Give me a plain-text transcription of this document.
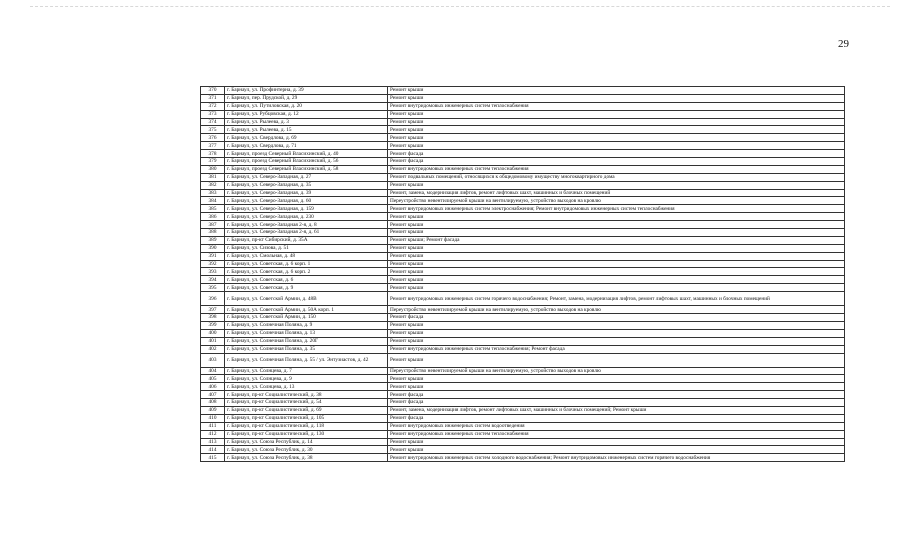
29
370	г. Барнаул, ул. Профинтерна, д. 39	Ремонт крыши
371	г. Барнаул, пер. Прудской, д. 29	Ремонт крыши
372	г. Барнаул, ул. Путиловская, д. 20	Ремонт внутридомовых инженерных систем теплоснабжения
373	г. Барнаул, ул. Рубцовская, д. 12	Ремонт крыши
374	г. Барнаул, ул. Рылеева, д. 3	Ремонт крыши
375	г. Барнаул, ул. Рылеева, д. 15	Ремонт крыши
376	г. Барнаул, ул. Свердлова, д. 69	Ремонт крыши
377	г. Барнаул, ул. Свердлова, д. 71	Ремонт крыши
378	г. Барнаул, проезд Северный Власихинский, д. 40	Ремонт фасада
379	г. Барнаул, проезд Северный Власихинский, д. 56	Ремонт фасада
380	г. Барнаул, проезд Северный Власихинский, д. 58	Ремонт внутридомовых инженерных систем теплоснабжения
381	г. Барнаул, ул. Северо-Западная, д. 27	Ремонт подвальных помещений, относящихся к общедомовому имуществу многоквартирного дома
382	г. Барнаул, ул. Северо-Западная, д. 35	Ремонт крыши
383	г. Барнаул, ул. Северо-Западная, д. 39	Ремонт, замена, модернизация лифтов, ремонт лифтовых шахт, машинных и блочных помещений
384	г. Барнаул, ул. Северо-Западная, д. 60	Переустройство невентилируемой крыши на вентилируемую, устройство выходов на кровлю
385	г. Барнаул, ул. Северо-Западная, д. 159	Ремонт внутридомовых инженерных систем электроснабжения; Ремонт внутридомовых инженерных систем теплоснабжения
386	г. Барнаул, ул. Северо-Западная, д. 230	Ремонт крыши
387	г. Барнаул, ул. Северо-Западная 2-я, д. 8	Ремонт крыши
388	г. Барнаул, ул. Северо-Западная 2-я, д. 61	Ремонт крыши
389	г. Барнаул, пр-кт Сибирский, д. 35А	Ремонт крыши; Ремонт фасада
390	г. Барнаул, ул. Сизова, д. 51	Ремонт крыши
391	г. Барнаул, ул. Смольная, д. 48	Ремонт крыши
392	г. Барнаул, ул. Советская, д. 6 корп. 1	Ремонт крыши
393	г. Барнаул, ул. Советская, д. 6 корп. 2	Ремонт крыши
394	г. Барнаул, ул. Советская, д. 6	Ремонт крыши
395	г. Барнаул, ул. Советская, д. 9	Ремонт крыши
396	г. Барнаул, ул. Советской Армии, д. 48В	Ремонт внутридомовых инженерных систем горячего водоснабжения; Ремонт, замена, модернизация лифтов, ремонт лифтовых шахт, машинных и блочных помещений
397	г. Барнаул, ул. Советской Армии, д. 50А корп. 1	Переустройство невентилируемой крыши на вентилируемую, устройство выходов на кровлю
398	г. Барнаул, ул. Советской Армии, д. 150	Ремонт фасада
399	г. Барнаул, ул. Солнечная Поляна, д. 9	Ремонт крыши
400	г. Барнаул, ул. Солнечная Поляна, д. 13	Ремонт крыши
401	г. Барнаул, ул. Солнечная Поляна, д. 20Г	Ремонт крыши
402	г. Барнаул, ул. Солнечная Поляна, д. 35	Ремонт внутридомовых инженерных систем теплоснабжения; Ремонт фасада
403	г. Барнаул, ул. Солнечная Поляна, д. 55 / ул. Энтузиастов, д. 42	Ремонт крыши
404	г. Барнаул, ул. Солнцева, д. 7	Переустройство невентилируемой крыши на вентилируемую, устройство выходов на кровлю
405	г. Барнаул, ул. Солнцева, д. 9	Ремонт крыши
406	г. Барнаул, ул. Солнцева, д. 13	Ремонт крыши
407	г. Барнаул, пр-кт Социалистический, д. 38	Ремонт фасада
408	г. Барнаул, пр-кт Социалистический, д. 54	Ремонт фасада
409	г. Барнаул, пр-кт Социалистический, д. 69	Ремонт, замена, модернизация лифтов, ремонт лифтовых шахт, машинных и блочных помещений; Ремонт крыши
410	г. Барнаул, пр-кт Социалистический, д. 105	Ремонт фасада
411	г. Барнаул, пр-кт Социалистический, д. 118	Ремонт внутридомовых инженерных систем водоотведения
412	г. Барнаул, пр-кт Социалистический, д. 130	Ремонт внутридомовых инженерных систем теплоснабжения
413	г. Барнаул, ул. Союза Республик, д. 14	Ремонт крыши
414	г. Барнаул, ул. Союза Республик, д. 30	Ремонт крыши
415	г. Барнаул, ул. Союза Республик, д. 38	Ремонт внутридомовых инженерных систем холодного водоснабжения; Ремонт внутридомовых инженерных систем горячего водоснабжения
